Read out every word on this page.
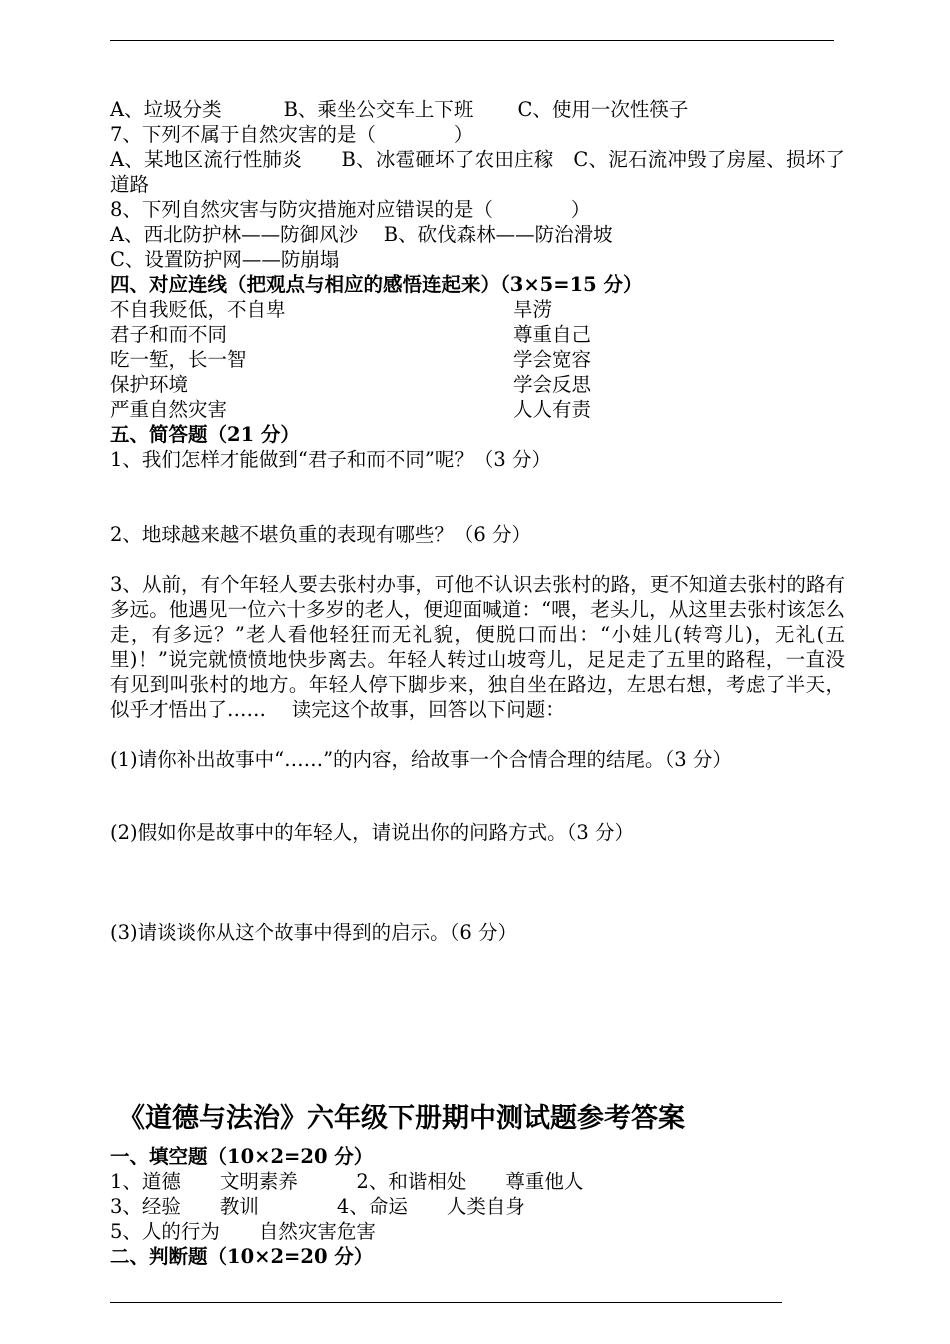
A、垃圾分类	B、乘坐公交车上下班 C、使用一次性筷子
7、下列不属于自然灾害的是（　　　　）
A、某地区流行性肺炎　　B、冰雹砸坏了农田庄稼　C、泥石流冲毁了房屋、损坏了道路
8、下列自然灾害与防灾措施对应错误的是（　　　　）
A、西北防护林——防御风沙　 B、砍伐森林——防治滑坡
C、设置防护网——防崩塌
四、对应连线（把观点与相应的感悟连起来）（3×5=15 分）
不自我贬低，不自卑
君子和而不同
吃一堑，长一智
保护环境
严重自然灾害
旱涝
尊重自己
学会宽容
学会反思
人人有责
五、简答题（21 分）
1、我们怎样才能做到“君子和而不同”呢？（3 分）
2、地球越来越不堪负重的表现有哪些？（6 分）
3、从前，有个年轻人要去张村办事，可他不认识去张村的路，更不知道去张村的路有多远。他遇见一位六十多岁的老人，便迎面喊道：“喂，老头儿，从这里去张村该怎么走，有多远？”老人看他轻狂而无礼貌，便脱口而出：“小娃儿(转弯儿)，无礼(五里)！”说完就愤愤地快步离去。年轻人转过山坡弯儿，足足走了五里的路程，一直没有见到叫张村的地方。年轻人停下脚步来，独自坐在路边，左思右想，考虑了半天，似乎才悟出了……　 读完这个故事，回答以下问题：
(1)请你补出故事中“……”的内容，给故事一个合情合理的结尾。（3 分）
(2)假如你是故事中的年轻人，请说出你的问路方式。（3 分）
(3)请谈谈你从这个故事中得到的启示。（6 分）
《道德与法治》六年级下册期中测试题参考答案
一、填空题（10×2=20 分）
1、道德　　文明素养　　　2、和谐相处　　尊重他人
3、经验　　教训　　　　4、命运　　人类自身
5、人的行为　　自然灾害危害
二、判断题（10×2=20 分）
